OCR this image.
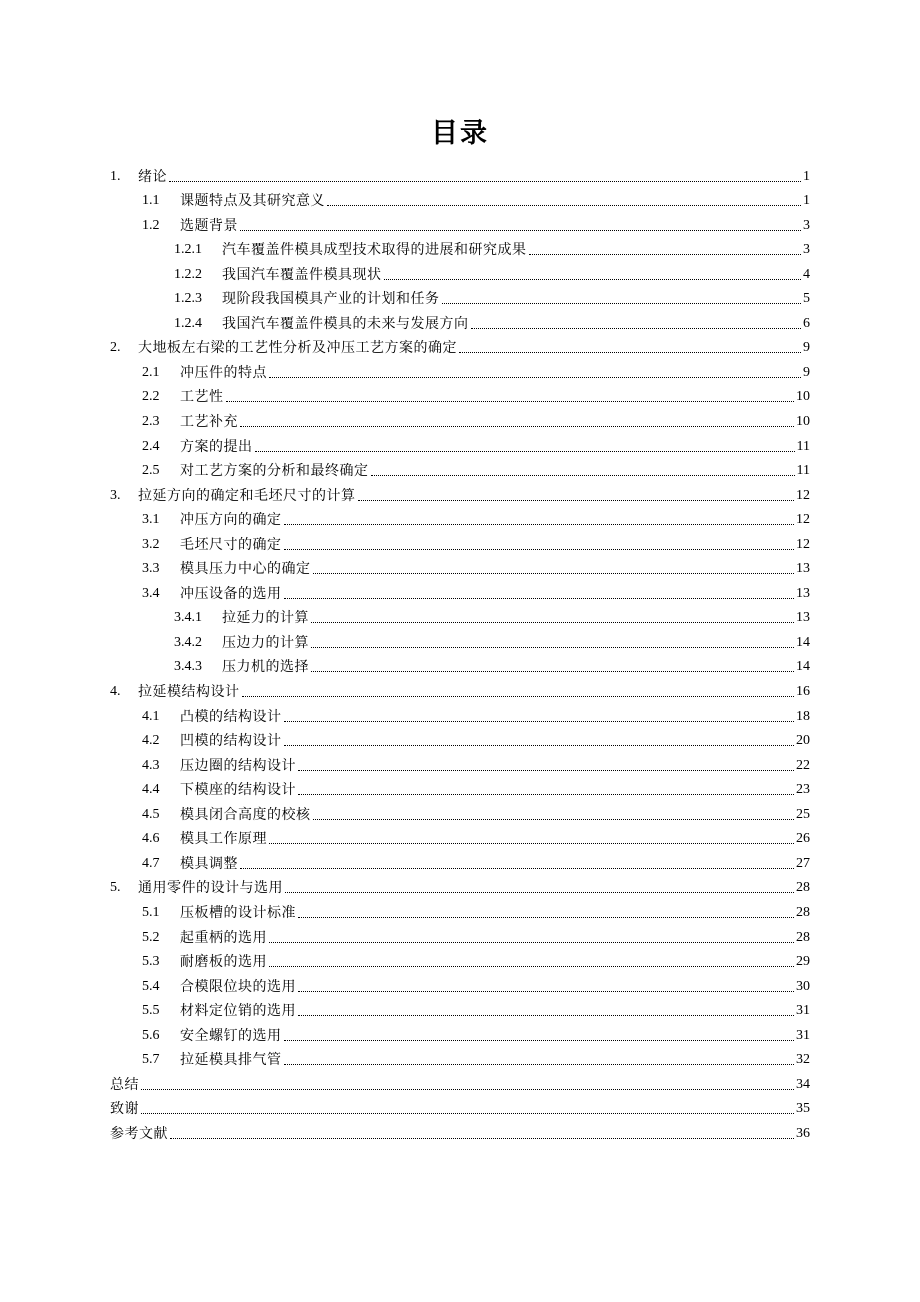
目录
1.	绪论	1
1.1	课题特点及其研究意义	1
1.2	选题背景	3
1.2.1	汽车覆盖件模具成型技术取得的进展和研究成果	3
1.2.2	我国汽车覆盖件模具现状	4
1.2.3	现阶段我国模具产业的计划和任务	5
1.2.4	我国汽车覆盖件模具的未来与发展方向	6
2.	大地板左右梁的工艺性分析及冲压工艺方案的确定	9
2.1	冲压件的特点	9
2.2	工艺性	10
2.3	工艺补充	10
2.4	方案的提出	11
2.5	对工艺方案的分析和最终确定	11
3.	拉延方向的确定和毛坯尺寸的计算	12
3.1	冲压方向的确定	12
3.2	毛坯尺寸的确定	12
3.3	模具压力中心的确定	13
3.4	冲压设备的选用	13
3.4.1	拉延力的计算	13
3.4.2	压边力的计算	14
3.4.3	压力机的选择	14
4.	拉延模结构设计	16
4.1	凸模的结构设计	18
4.2	凹模的结构设计	20
4.3	压边圈的结构设计	22
4.4	下模座的结构设计	23
4.5	模具闭合高度的校核	25
4.6	模具工作原理	26
4.7	模具调整	27
5.	通用零件的设计与选用	28
5.1	压板槽的设计标准	28
5.2	起重柄的选用	28
5.3	耐磨板的选用	29
5.4	合模限位块的选用	30
5.5	材料定位销的选用	31
5.6	安全螺钉的选用	31
5.7	拉延模具排气管	32
总结	34
致谢	35
参考文献	36
